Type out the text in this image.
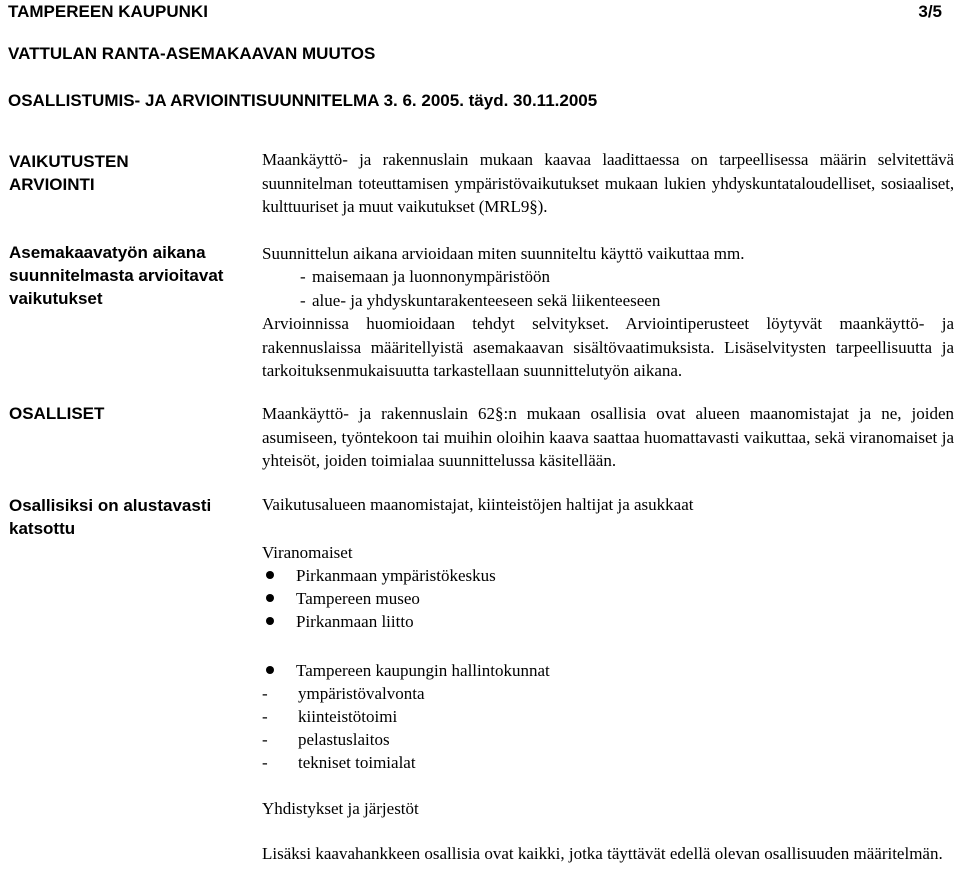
TAMPEREEN KAUPUNKI	3/5
VATTULAN RANTA-ASEMAKAAVAN MUUTOS
OSALLISTUMIS- JA ARVIOINTISUUNNITELMA 3. 6. 2005. täyd. 30.11.2005
VAIKUTUSTEN
ARVIOINTI
Asemakaavatyön aikana
suunnitelmasta arvioitavat
vaikutukset
OSALLISET
Osallisiksi on alustavasti
katsottu
Maankäyttö- ja rakennuslain mukaan kaavaa laadittaessa on tarpeellisessa määrin selvitettävä suunnitelman toteuttamisen ympäristövaikutukset mukaan lukien yhdyskuntataloudelliset, sosiaaliset, kulttuuriset ja muut vaikutukset (MRL9§).
Suunnittelun aikana arvioidaan miten suunniteltu käyttö vaikuttaa mm.
- maisemaan ja luonnonympäristöön
- alue- ja yhdyskuntarakenteeseen sekä liikenteeseen
Arvioinnissa huomioidaan tehdyt selvitykset. Arviointiperusteet löytyvät maankäyttö- ja rakennuslaissa määritellyistä asemakaavan sisältövaatimuksista. Lisäselvitysten tarpeellisuutta ja tarkoituksenmukaisuutta tarkastellaan suunnittelutyön aikana.
Maankäyttö- ja rakennuslain 62§:n mukaan osallisia ovat alueen maanomistajat ja ne, joiden asumiseen, työntekoon tai muihin oloihin kaava saattaa huomattavasti vaikuttaa, sekä viranomaiset ja yhteisöt, joiden toimialaa suunnittelussa käsitellään.
Vaikutusalueen maanomistajat, kiinteistöjen haltijat ja asukkaat
Viranomaiset
Pirkanmaan ympäristökeskus
Tampereen museo
Pirkanmaan liitto
Tampereen kaupungin hallintokunnat
- ympäristövalvonta
- kiinteistötoimi
- pelastuslaitos
- tekniset toimialat
Yhdistykset ja järjestöt
Lisäksi kaavahankkeen osallisia ovat kaikki, jotka täyttävät edellä olevan osallisuuden määritelmän.
